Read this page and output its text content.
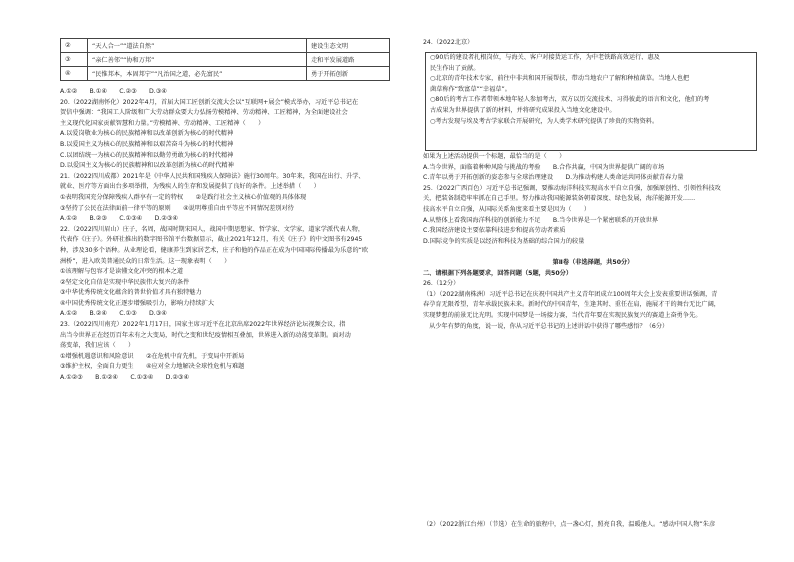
②	“天人合一”“道法自然”	建设生态文明
③	“亲仁善邻”“协和万邦”	走和平发展道路
④	“民惟邦本，本固邦宁”“凡治国之道，必先富民”	勇于开拓创新
A.①②　　B.①④　　C.②③　　D.③④
20.（2022湖南怀化）2022年4月，首届大国工匠创新交流大会以“互联网+展会”模式举办，习近平总书记在
贺信中强调：“我国工人阶级和广大劳动群众要大力弘扬劳模精神、劳动精神、工匠精神，为全面建设社会
主义现代化国家贡献智慧和力量。”劳模精神、劳动精神、工匠精神（　　）
A.以爱岗敬业为核心的民族精神和以改革创新为核心的时代精神
B.以爱国主义为核心的民族精神和以艰苦奋斗为核心的时代精神
C.以团结统一为核心的民族精神和以勤劳勇敢为核心的时代精神
D.以爱国主义为核心的民族精神和以改革创新为核心的时代精神
21.（2022四川成都）2021年是《中华人民共和国残疾人保障法》施行30周年。30年来，我国在出行、升学、
就业、医疗等方面出台多项举措，为残疾人的生存和发展提供了良好的条件。上述举措（　　）
①表明我国充分保障残疾人群享有一定的特权　　②是践行社会主义核心价值观的具体体现
③坚持了公民在法律面前一律平等的原则　　④说明尊重自由平等应不同情况差别对待
A.①②　　B.②③　　C.①③④　　D.②③④
22.（2022四川眉山）庄子，名周，战国时期宋国人，战国中期思想家、哲学家、文学家，道家学派代表人物，
代表作《庄子》。外研社推出的数字图书馆平台数据显示，截止2021年12月，有关《庄子》的中文图书有2945
种，涉及30多个语种。从业理论看，健康养生到家居艺术，庄子和他的作品正在成为中国国际传播最为乐意的“欧
洲桥”，进入欧美普通民众的日常生活。这一现象表明（　　）
①该理解与包容才是读懂文化冲突的根本之道
②坚定文化自信是实现中华民族伟大复兴的条件
③中华优秀传统文化蕴含的普世价值才具有独特魅力
④中国优秀传统文化正逐步增强吸引力，影响力持续扩大
A.①②　　B.②④　　C.①③　　D.③④
23.（2022四川南充）2022年1月17日，国家主席习近平在北京出席2022年世界经济论坛视频会议，指
出当今世界正在经历百年未有之大变局，时代之变和世纪疫情相互叠加，世界进入新的动荡变革期。面对动
荡变革，我们应该（　　）
①增强机遇意识和风险意识　　②在危机中育先机，于变局中开新局
③维护主权，全面自力更生　　④应对全力地解决全球性危机与难题
A.①②③　　B.①②④　　C.①③④　　D.②③④
24.（2022北京）
○90后的建设者扎根岗位，与海关、客户对接货运工作，为中老铁路高效运行、惠及
民生作出了贡献。
○北京的青年技术专家，前往中非共和国开展帮扶，带动当地农户了解和种植菌草。当地人也把
菌草称作“致富草”“幸福草”。
○80后的考古工作者带领本地年轻人参加考古，双方以历交流技术、习得彼此的语言和文化，他们的考
古成果为世界提供了新的材料，并将研究成果投入当地文化建设中。
○考古发现与埃及考古学家联合开展研究，为人类学术研究提供了珍贵的实物资料。
如果为上述活动提供一个标题，最恰当的是（　　）
A.当今世界，面临着种种风险与挑战的考验　　B.合作共赢，中国为世界提供广阔的市场
C.青年以勇于开拓创新的姿态参与全球治理建设　　D.为推动构建人类命运共同体贡献青春力量
25.（2022广西百色）习近平总书记强调，要推动海洋科技实现高水平自立自强，加强原创性、引领性科技攻
关，把装备制造牢牢抓在自己手里。努力推动我国能源装备朝着深度、绿色发展，海洋能源开发……
技高水平自立自强，从国际关系角度来看主要是因为（　　）
A.从整体上看我国海洋科技的创新能力不足　　B.当今世界是一个紧密联系的开放世界
C.我国经济建设主要依靠科技进步和提高劳动者素质
D.国际竞争的实质是以经济和科技为基础的综合国力的较量
第Ⅱ卷（非选择题，共50分）
二、请根据下列各题要求，回答问题（5题，共50分）
26.（12分）
（1）（2022湖南株洲）习近平总书记在庆祝中国共产主义青年团成立100周年大会上发表重要讲话强调，青
春孕育无限希望，青年承载民族未来。新时代的中国青年，生逢其时、重任在肩，施展才干的舞台无比广阔，
实现梦想的前景无比光明。实现中国梦是一场接力赛，当代青年要在实现民族复兴的赛道上奋勇争先。
　从少年有梦的角度，说一说，你从习近平总书记的上述讲话中获得了哪些感悟？（6分）
（2）（2022浙江台州）（节选）在生命的旅程中，点一盏心灯，照亮自我，温暖他人。“感动中国人物”朱彦
